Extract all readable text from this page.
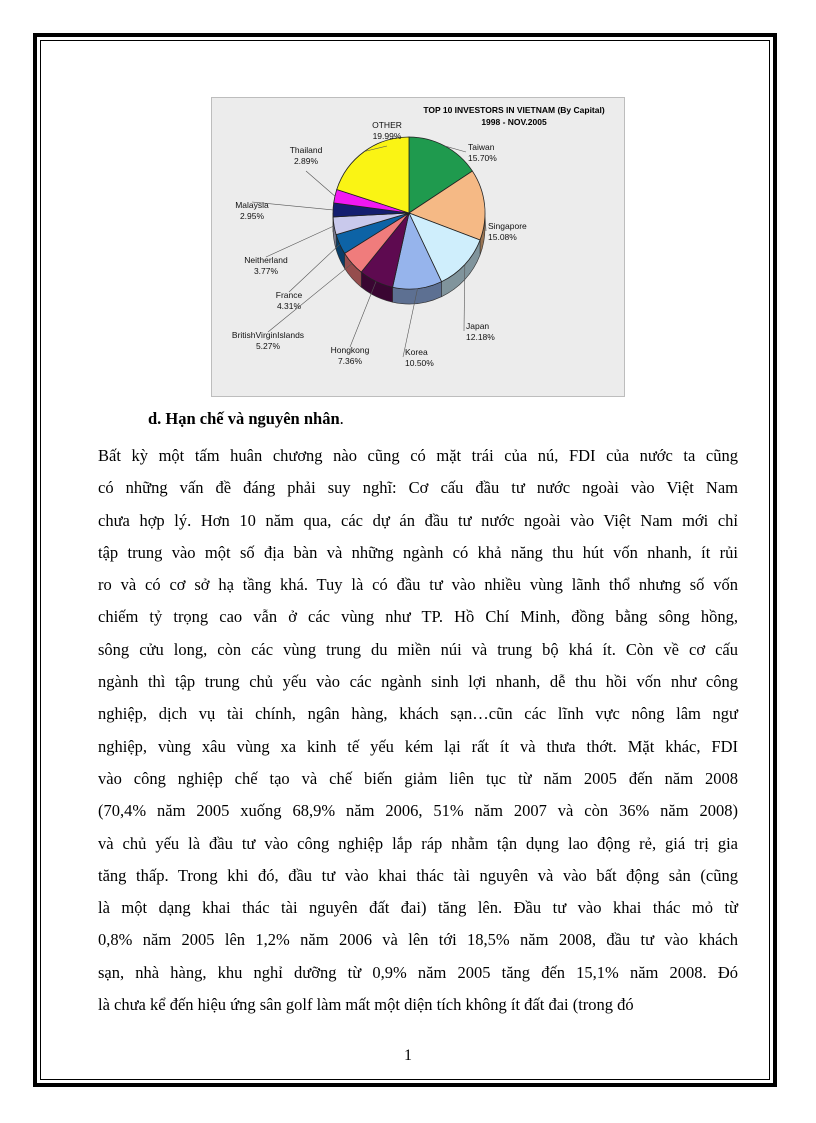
TOP 10 INVESTORS IN VIETNAM (By Capital)
1998 - NOV.2005
Taiwan
15.70%
Singapore
15.08%
Japan
12.18%
Korea
10.50%
Hongkong
7.36%
BritishVirginIslands
5.27%
France
4.31%
Neitherland
3.77%
Malaysia
2.95%
Thailand
2.89%
OTHER
19.99%

d. Hạn chế và nguyên nhân.

Bất kỳ một tấm huân chương nào cũng có mặt trái của nú, FDI của nước ta cũng
có những vấn đề đáng phải suy nghĩ: Cơ cấu đầu tư nước ngoài vào Việt Nam
chưa hợp lý. Hơn 10 năm qua, các dự án đầu tư nước ngoài vào Việt Nam mới chỉ
tập trung vào một số địa bàn và những ngành có khả năng thu hút vốn nhanh, ít rủi
ro và có cơ sở hạ tầng khá. Tuy là có đầu tư vào nhiều vùng lãnh thổ nhưng số vốn
chiếm tỷ trọng cao vẫn ở các vùng như TP. Hồ Chí Minh, đồng bằng sông hồng,
sông cửu long, còn các vùng trung du miền núi và trung bộ khá ít. Còn về cơ cấu
ngành thì tập trung chủ yếu vào các ngành sinh lợi nhanh, dễ thu hồi vốn như công
nghiệp, dịch vụ tài chính, ngân hàng, khách sạn…cũn các lĩnh vực nông lâm ngư
nghiệp, vùng xâu vùng xa kinh tế yếu kém lại rất ít và thưa thớt. Mặt khác, FDI
vào công nghiệp chế tạo và chế biến giảm liên tục từ năm 2005 đến năm 2008
(70,4% năm 2005 xuống 68,9% năm 2006, 51% năm 2007 và còn 36% năm 2008)
và chủ yếu là đầu tư vào công nghiệp lắp ráp nhằm tận dụng lao động rẻ, giá trị gia
tăng thấp. Trong khi đó, đầu tư vào khai thác tài nguyên và vào bất động sản (cũng
là một dạng khai thác tài nguyên đất đai) tăng lên. Đầu tư vào khai thác mỏ từ
0,8% năm 2005 lên 1,2% năm 2006 và lên tới 18,5% năm 2008, đầu tư vào khách
sạn, nhà hàng, khu nghỉ dưỡng từ 0,9% năm 2005 tăng đến 15,1% năm 2008. Đó
là chưa kể đến hiệu ứng sân golf làm mất một diện tích không ít đất đai (trong đó
1
